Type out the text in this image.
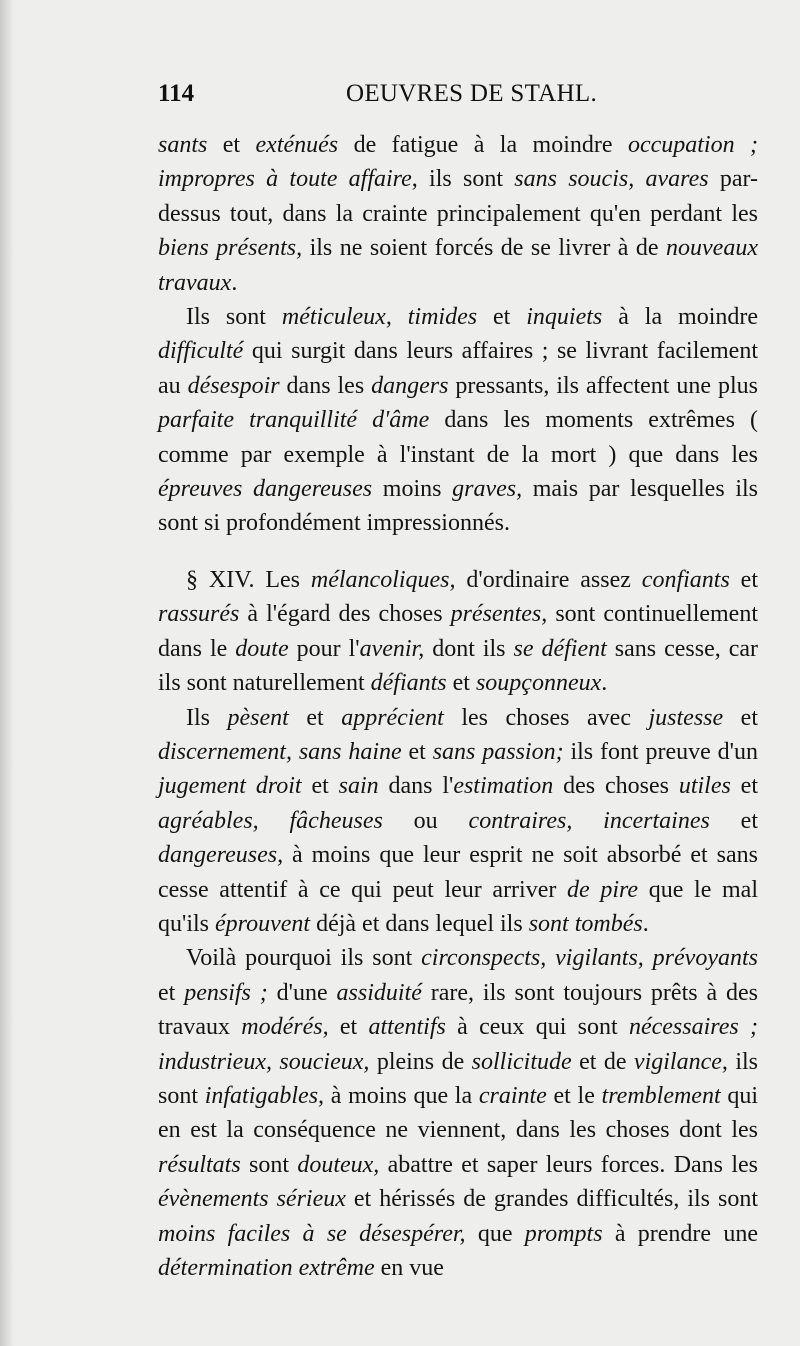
114	OEUVRES DE STAHL.

sants et exténués de fatigue à la moindre occupation ; impropres à toute affaire, ils sont sans soucis, avares par-dessus tout, dans la crainte principalement qu'en perdant les biens présents, ils ne soient forcés de se livrer à de nouveaux travaux.

Ils sont méticuleux, timides et inquiets à la moindre difficulté qui surgit dans leurs affaires ; se livrant facilement au désespoir dans les dangers pressants, ils affectent une plus parfaite tranquillité d'âme dans les moments extrêmes ( comme par exemple à l'instant de la mort ) que dans les épreuves dangereuses moins graves, mais par lesquelles ils sont si profondément impressionnés.

§ XIV. Les mélancoliques, d'ordinaire assez confiants et rassurés à l'égard des choses présentes, sont continuellement dans le doute pour l'avenir, dont ils se défient sans cesse, car ils sont naturellement défiants et soupçonneux.

Ils pèsent et apprécient les choses avec justesse et discernement, sans haine et sans passion; ils font preuve d'un jugement droit et sain dans l'estimation des choses utiles et agréables, fâcheuses ou contraires, incertaines et dangereuses, à moins que leur esprit ne soit absorbé et sans cesse attentif à ce qui peut leur arriver de pire que le mal qu'ils éprouvent déjà et dans lequel ils sont tombés.

Voilà pourquoi ils sont circonspects, vigilants, prévoyants et pensifs ; d'une assiduité rare, ils sont toujours prêts à des travaux modérés, et attentifs à ceux qui sont nécessaires ; industrieux, soucieux, pleins de sollicitude et de vigilance, ils sont infatigables, à moins que la crainte et le tremblement qui en est la conséquence ne viennent, dans les choses dont les résultats sont douteux, abattre et saper leurs forces. Dans les évènements sérieux et hérissés de grandes difficultés, ils sont moins faciles à se désespérer, que prompts à prendre une détermination extrême en vue
